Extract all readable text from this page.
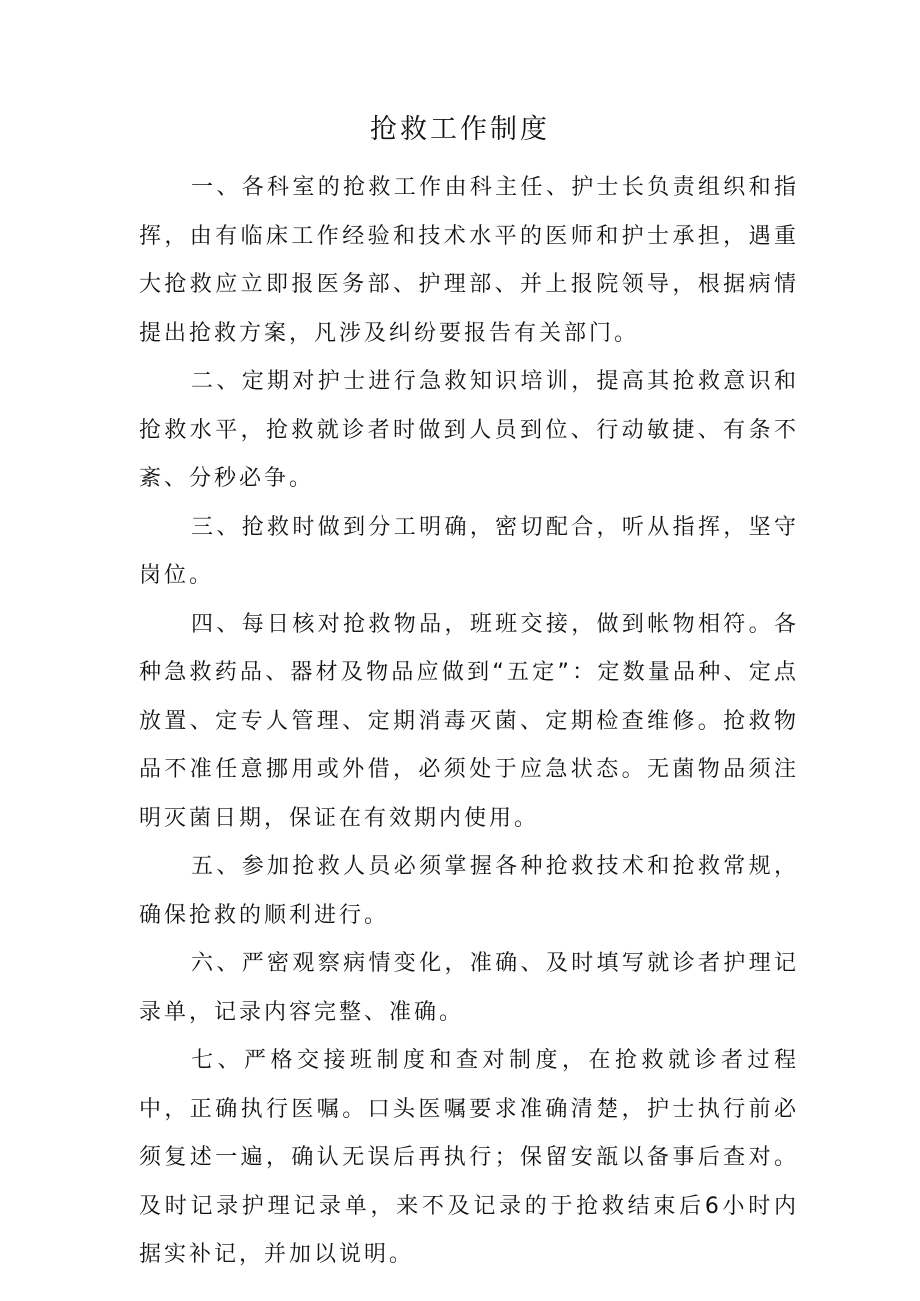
抢救工作制度

一、各科室的抢救工作由科主任、护士长负责组织和指挥，由有临床工作经验和技术水平的医师和护士承担，遇重大抢救应立即报医务部、护理部、并上报院领导，根据病情提出抢救方案，凡涉及纠纷要报告有关部门。

二、定期对护士进行急救知识培训，提高其抢救意识和抢救水平，抢救就诊者时做到人员到位、行动敏捷、有条不紊、分秒必争。

三、抢救时做到分工明确，密切配合，听从指挥，坚守岗位。

四、每日核对抢救物品，班班交接，做到帐物相符。各种急救药品、器材及物品应做到“五定”：定数量品种、定点放置、定专人管理、定期消毒灭菌、定期检查维修。抢救物品不准任意挪用或外借，必须处于应急状态。无菌物品须注明灭菌日期，保证在有效期内使用。

五、参加抢救人员必须掌握各种抢救技术和抢救常规，确保抢救的顺利进行。

六、严密观察病情变化，准确、及时填写就诊者护理记录单，记录内容完整、准确。

七、严格交接班制度和查对制度，在抢救就诊者过程中，正确执行医嘱。口头医嘱要求准确清楚，护士执行前必须复述一遍，确认无误后再执行；保留安瓿以备事后查对。及时记录护理记录单，来不及记录的于抢救结束后6小时内据实补记，并加以说明。
